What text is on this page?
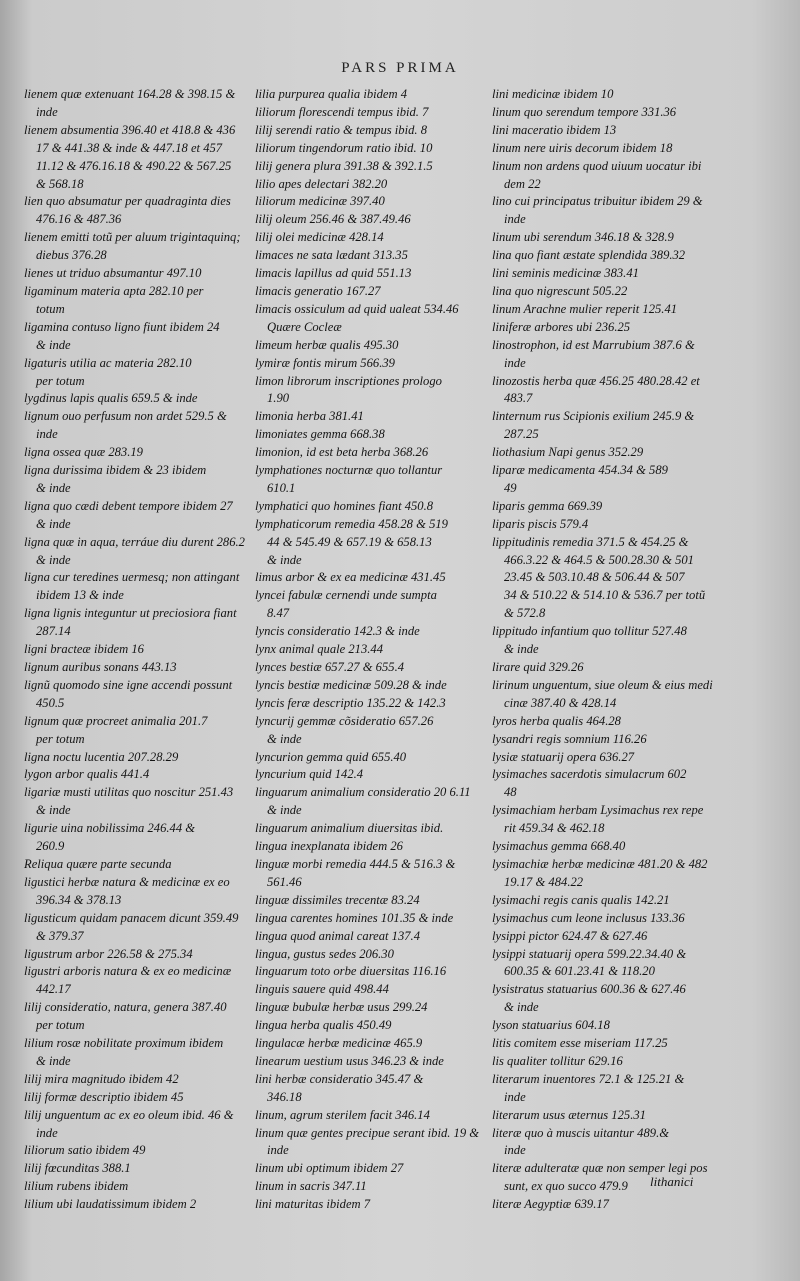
PARS PRIMA
lienem quæ extenuant 164.28 & 398.15 &
inde
lienem absumentia 396.40 et 418.8 & 436
17 & 441.38 & inde & 447.18 et 457
11.12 & 476.16.18 & 490.22 & 567.25
& 568.18
lien quo absumatur per quadraginta dies
476.16 & 487.36
lienem emitti totũ per aluum trigintaquinq;
diebus 376.28
lienes ut triduo absumantur 497.10
ligaminum materia apta 282.10 per
totum
ligamina contuso ligno fiunt ibidem 24
& inde
ligaturis utilia ac materia 282.10
per totum
lygdinus lapis qualis 659.5 & inde
lignum ouo perfusum non ardet 529.5 &
inde
ligna ossea quæ 283.19
ligna durissima ibidem & 23 ibidem
& inde
ligna quo cædi debent tempore ibidem 27
& inde
ligna quæ in aqua, terráue diu durent 286.2
& inde
ligna cur teredines uermesq; non attingant
ibidem 13 & inde
ligna lignis integuntur ut preciosiora fiant
287.14
ligni bracteæ ibidem 16
lignum auribus sonans 443.13
lignũ quomodo sine igne accendi possunt
450.5
lignum quæ procreet animalia 201.7
per totum
ligna noctu lucentia 207.28.29
lygon arbor qualis 441.4
ligariæ musti utilitas quo noscitur 251.43
& inde
ligurie uina nobilissima 246.44 &
260.9
Reliqua quære parte secunda
ligustici herbæ natura & medicinæ ex eo
396.34 & 378.13
ligusticum quidam panacem dicunt 359.49
& 379.37
ligustrum arbor 226.58 & 275.34
ligustri arboris natura & ex eo medicinæ
442.17
lilij consideratio, natura, genera 387.40
per totum
lilium rosæ nobilitate proximum ibidem
& inde
lilij mira magnitudo ibidem 42
lilij formæ descriptio ibidem 45
lilij unguentum ac ex eo oleum ibid. 46 &
inde
liliorum satio ibidem 49
lilij fœcunditas 388.1
lilium rubens ibidem
lilium ubi laudatissimum ibidem 2
lilia purpurea qualia ibidem 4
liliorum florescendi tempus ibid. 7
lilij serendi ratio & tempus ibid. 8
liliorum tingendorum ratio ibid. 10
lilij genera plura 391.38 & 392.1.5
lilio apes delectari 382.20
liliorum medicinæ 397.40
lilij oleum 256.46 & 387.49.46
lilij olei medicinæ 428.14
limaces ne sata lædant 313.35
limacis lapillus ad quid 551.13
limacis generatio 167.27
limacis ossiculum ad quid ualeat 534.46
Quære Cocleæ
limeum herbæ qualis 495.30
lymiræ fontis mirum 566.39
limon librorum inscriptiones prologo
1.90
limonia herba 381.41
limoniates gemma 668.38
limonion, id est beta herba 368.26
lymphationes nocturnæ quo tollantur
610.1
lymphatici quo homines fiant 450.8
lymphaticorum remedia 458.28 & 519
44 & 545.49 & 657.19 & 658.13
& inde
limus arbor & ex ea medicinæ 431.45
lyncei fabulæ cernendi unde sumpta
8.47
lyncis consideratio 142.3 & inde
lynx animal quale 213.44
lynces bestiæ 657.27 & 655.4
lyncis bestiæ medicinæ 509.28 & inde
lyncis feræ descriptio 135.22 & 142.3
lyncurij gemmæ cõsideratio 657.26
& inde
lyncurion gemma quid 655.40
lyncurium quid 142.4
linguarum animalium consideratio 20 6.11
& inde
linguarum animalium diuersitas ibid.
lingua inexplanata ibidem 26
linguæ morbi remedia 444.5 & 516.3 &
561.46
linguæ dissimiles trecentæ 83.24
lingua carentes homines 101.35 & inde
lingua quod animal careat 137.4
lingua, gustus sedes 206.30
linguarum toto orbe diuersitas 116.16
linguis sauere quid 498.44
linguæ bubulæ herbæ usus 299.24
lingua herba qualis 450.49
lingulacæ herbæ medicinæ 465.9
linearum uestium usus 346.23 & inde
lini herbæ consideratio 345.47 &
346.18
linum, agrum sterilem facit 346.14
linum quæ gentes precipue serant ibid. 19 &
inde
linum ubi optimum ibidem 27
linum in sacris 347.11
lini maturitas ibidem 7
lini medicinæ ibidem 10
linum quo serendum tempore 331.36
lini maceratio ibidem 13
linum nere uiris decorum ibidem 18
linum non ardens quod uiuum uocatur ibi
dem 22
lino cui principatus tribuitur ibidem 29 &
inde
linum ubi serendum 346.18 & 328.9
lina quo fiant æstate splendida 389.32
lini seminis medicinæ 383.41
lina quo nigrescunt 505.22
linum Arachne mulier reperit 125.41
liniferæ arbores ubi 236.25
linostrophon, id est Marrubium 387.6 &
inde
linozostis herba quæ 456.25 480.28.42 et
483.7
linternum rus Scipionis exilium 245.9 &
287.25
liothasium Napi genus 352.29
liparæ medicamenta 454.34 & 589
49
liparis gemma 669.39
liparis piscis 579.4
lippitudinis remedia 371.5 & 454.25 &
466.3.22 & 464.5 & 500.28.30 & 501
23.45 & 503.10.48 & 506.44 & 507
34 & 510.22 & 514.10 & 536.7 per totũ
& 572.8
lippitudo infantium quo tollitur 527.48
& inde
lirare quid 329.26
lirinum unguentum, siue oleum & eius medi
cinæ 387.40 & 428.14
lyros herba qualis 464.28
lysandri regis somnium 116.26
lysiæ statuarij opera 636.27
lysimaches sacerdotis simulacrum 602
48
lysimachiam herbam Lysimachus rex repe
rit 459.34 & 462.18
lysimachus gemma 668.40
lysimachiæ herbæ medicinæ 481.20 & 482
19.17 & 484.22
lysimachi regis canis qualis 142.21
lysimachus cum leone inclusus 133.36
lysippi pictor 624.47 & 627.46
lysippi statuarij opera 599.22.34.40 &
600.35 & 601.23.41 & 118.20
lysistratus statuarius 600.36 & 627.46
& inde
lyson statuarius 604.18
litis comitem esse miseriam 117.25
lis qualiter tollitur 629.16
literarum inuentores 72.1 & 125.21 &
inde
literarum usus æternus 125.31
literæ quo à muscis uitantur 489.&
inde
literæ adulteratæ quæ non semper legi pos
sunt, ex quo succo 479.9
literæ Aegyptiæ 639.17
lithanici
